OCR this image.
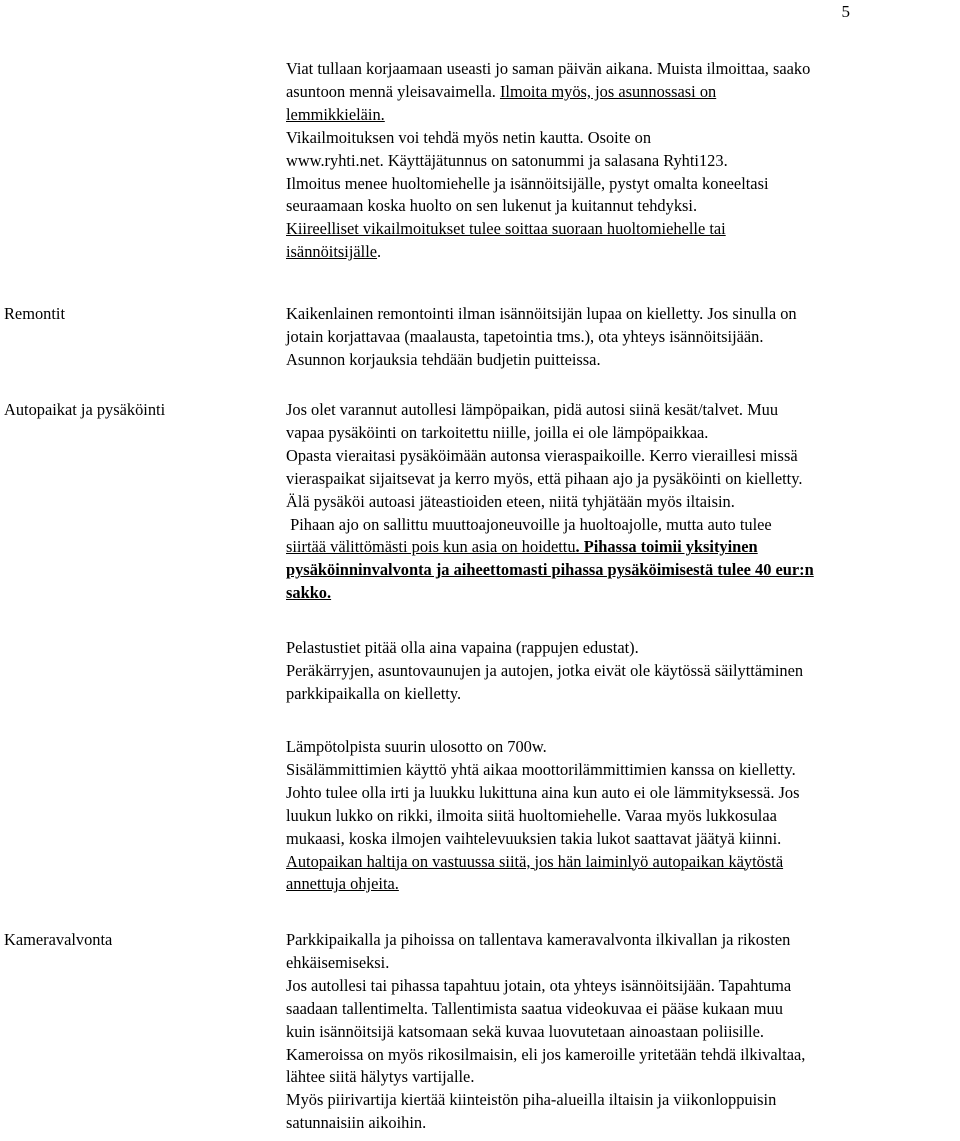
5
Viat tullaan korjaamaan useasti jo saman päivän aikana. Muista ilmoittaa, saako
asuntoon mennä yleisavaimella. Ilmoita myös, jos asunnossasi on
lemmikkieläin.
Vikailmoituksen voi tehdä myös netin kautta. Osoite on
www.ryhti.net. Käyttäjätunnus on satonummi ja salasana Ryhti123.
Ilmoitus menee huoltomiehelle ja isännöitsijälle, pystyt omalta koneeltasi
seuraamaan koska huolto on sen lukenut ja kuitannut tehdyksi.
Kiireelliset vikailmoitukset tulee soittaa suoraan huoltomiehelle tai
isännöitsijälle.
Remontit	Kaikenlainen remontointi ilman isännöitsijän lupaa on kielletty. Jos sinulla on
jotain korjattavaa (maalausta, tapetointia tms.), ota yhteys isännöitsijään.
Asunnon korjauksia tehdään budjetin puitteissa.
Autopaikat ja pysäköinti	Jos olet varannut autollesi lämpöpaikan, pidä autosi siinä kesät/talvet. Muu
vapaa pysäköinti on tarkoitettu niille, joilla ei ole lämpöpaikkaa.
Opasta vieraitasi pysäköimään autonsa vieraspaikoille. Kerro vieraillesi missä
vieraspaikat sijaitsevat ja kerro myös, että pihaan ajo ja pysäköinti on kielletty.
Älä pysäköi autoasi jäteastioiden eteen, niitä tyhjätään myös iltaisin.
Pihaan ajo on sallittu muuttoajoneuvoille ja huoltoajolle, mutta auto tulee
siirtää välittömästi pois kun asia on hoidettu. Pihassa toimii yksityinen
pysäköinninvalvonta ja aiheettomasti pihassa pysäköimisestä tulee 40 eur:n
sakko.
Pelastustiet pitää olla aina vapaina (rappujen edustat).
Peräkärryjen, asuntovaunujen ja autojen, jotka eivät ole käytössä säilyttäminen
parkkipaikalla on kielletty.
Lämpötolpista suurin ulosotto on 700w.
Sisälämmittimien käyttö yhtä aikaa moottorilämmittimien kanssa on kielletty.
Johto tulee olla irti ja luukku lukittuna aina kun auto ei ole lämmityksessä. Jos
luukun lukko on rikki, ilmoita siitä huoltomiehelle. Varaa myös lukkosulaa
mukaasi, koska ilmojen vaihtelevuuksien takia lukot saattavat jäätyä kiinni.
Autopaikan haltija on vastuussa siitä, jos hän laiminlyö autopaikan käytöstä
annettuja ohjeita.
Kameravalvonta	Parkkipaikalla ja pihoissa on tallentava kameravalvonta ilkivallan ja rikosten
ehkäisemiseksi.
Jos autollesi tai pihassa tapahtuu jotain, ota yhteys isännöitsijään. Tapahtuma
saadaan tallentimelta. Tallentimista saatua videokuvaa ei pääse kukaan muu
kuin isännöitsijä katsomaan sekä kuvaa luovutetaan ainoastaan poliisille.
Kameroissa on myös rikosilmaisin, eli jos kameroille yritetään tehdä ilkivaltaa,
lähtee siitä hälytys vartijalle.
Myös piirivartija kiertää kiinteistön piha-alueilla iltaisin ja viikonloppuisin
satunnaisiin aikoihin.
